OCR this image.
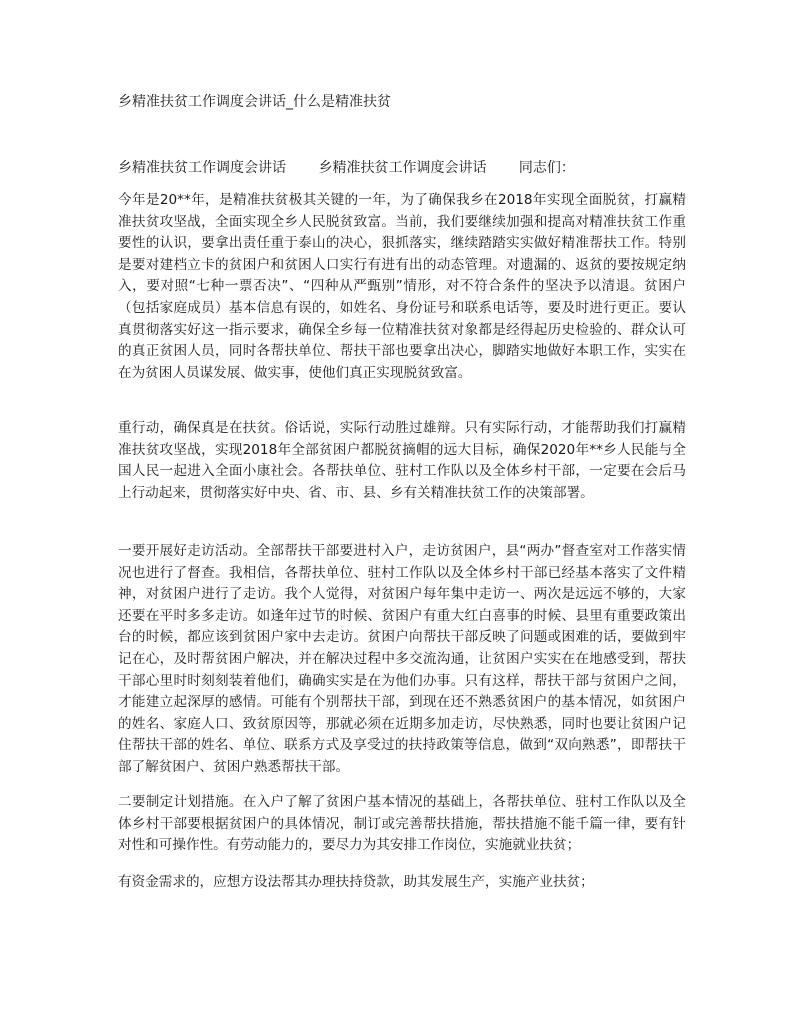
乡精准扶贫工作调度会讲话_什么是精准扶贫
乡精准扶贫工作调度会讲话 乡精准扶贫工作调度会讲话 同志们：

今年是20**年，是精准扶贫极其关键的一年，为了确保我乡在2018年实现全面脱贫，打赢精准扶贫攻坚战，全面实现全乡人民脱贫致富。当前，我们要继续加强和提高对精准扶贫工作重要性的认识，要拿出责任重于泰山的决心，狠抓落实，继续踏踏实实做好精准帮扶工作。特别是要对建档立卡的贫困户和贫困人口实行有进有出的动态管理。对遗漏的、返贫的要按规定纳入，要对照“七种一票否决”、“四种从严甄别”情形，对不符合条件的坚决予以清退。贫困户（包括家庭成员）基本信息有误的，如姓名、身份证号和联系电话等，要及时进行更正。要认真贯彻落实好这一指示要求，确保全乡每一位精准扶贫对象都是经得起历史检验的、群众认可的真正贫困人员，同时各帮扶单位、帮扶干部也要拿出决心，脚踏实地做好本职工作，实实在在为贫困人员谋发展、做实事，使他们真正实现脱贫致富。

重行动，确保真是在扶贫。俗话说，实际行动胜过雄辩。只有实际行动，才能帮助我们打赢精准扶贫攻坚战，实现2018年全部贫困户都脱贫摘帽的远大目标，确保2020年**乡人民能与全国人民一起进入全面小康社会。各帮扶单位、驻村工作队以及全体乡村干部，一定要在会后马上行动起来，贯彻落实好中央、省、市、县、乡有关精准扶贫工作的决策部署。

一要开展好走访活动。全部帮扶干部要进村入户，走访贫困户，县“两办”督查室对工作落实情况也进行了督查。我相信，各帮扶单位、驻村工作队以及全体乡村干部已经基本落实了文件精神，对贫困户进行了走访。我个人觉得，对贫困户每年集中走访一、两次是远远不够的，大家还要在平时多多走访。如逢年过节的时候、贫困户有重大红白喜事的时候、县里有重要政策出台的时候，都应该到贫困户家中去走访。贫困户向帮扶干部反映了问题或困难的话，要做到牢记在心，及时帮贫困户解决，并在解决过程中多交流沟通，让贫困户实实在在地感受到，帮扶干部心里时时刻刻装着他们，确确实实是在为他们办事。只有这样，帮扶干部与贫困户之间，才能建立起深厚的感情。可能有个别帮扶干部，到现在还不熟悉贫困户的基本情况，如贫困户的姓名、家庭人口、致贫原因等，那就必须在近期多加走访，尽快熟悉，同时也要让贫困户记住帮扶干部的姓名、单位、联系方式及享受过的扶持政策等信息，做到“双向熟悉”，即帮扶干部了解贫困户、贫困户熟悉帮扶干部。

二要制定计划措施。在入户了解了贫困户基本情况的基础上，各帮扶单位、驻村工作队以及全体乡村干部要根据贫困户的具体情况，制订或完善帮扶措施，帮扶措施不能千篇一律，要有针对性和可操作性。有劳动能力的，要尽力为其安排工作岗位，实施就业扶贫；

有资金需求的，应想方设法帮其办理扶持贷款，助其发展生产，实施产业扶贫；
